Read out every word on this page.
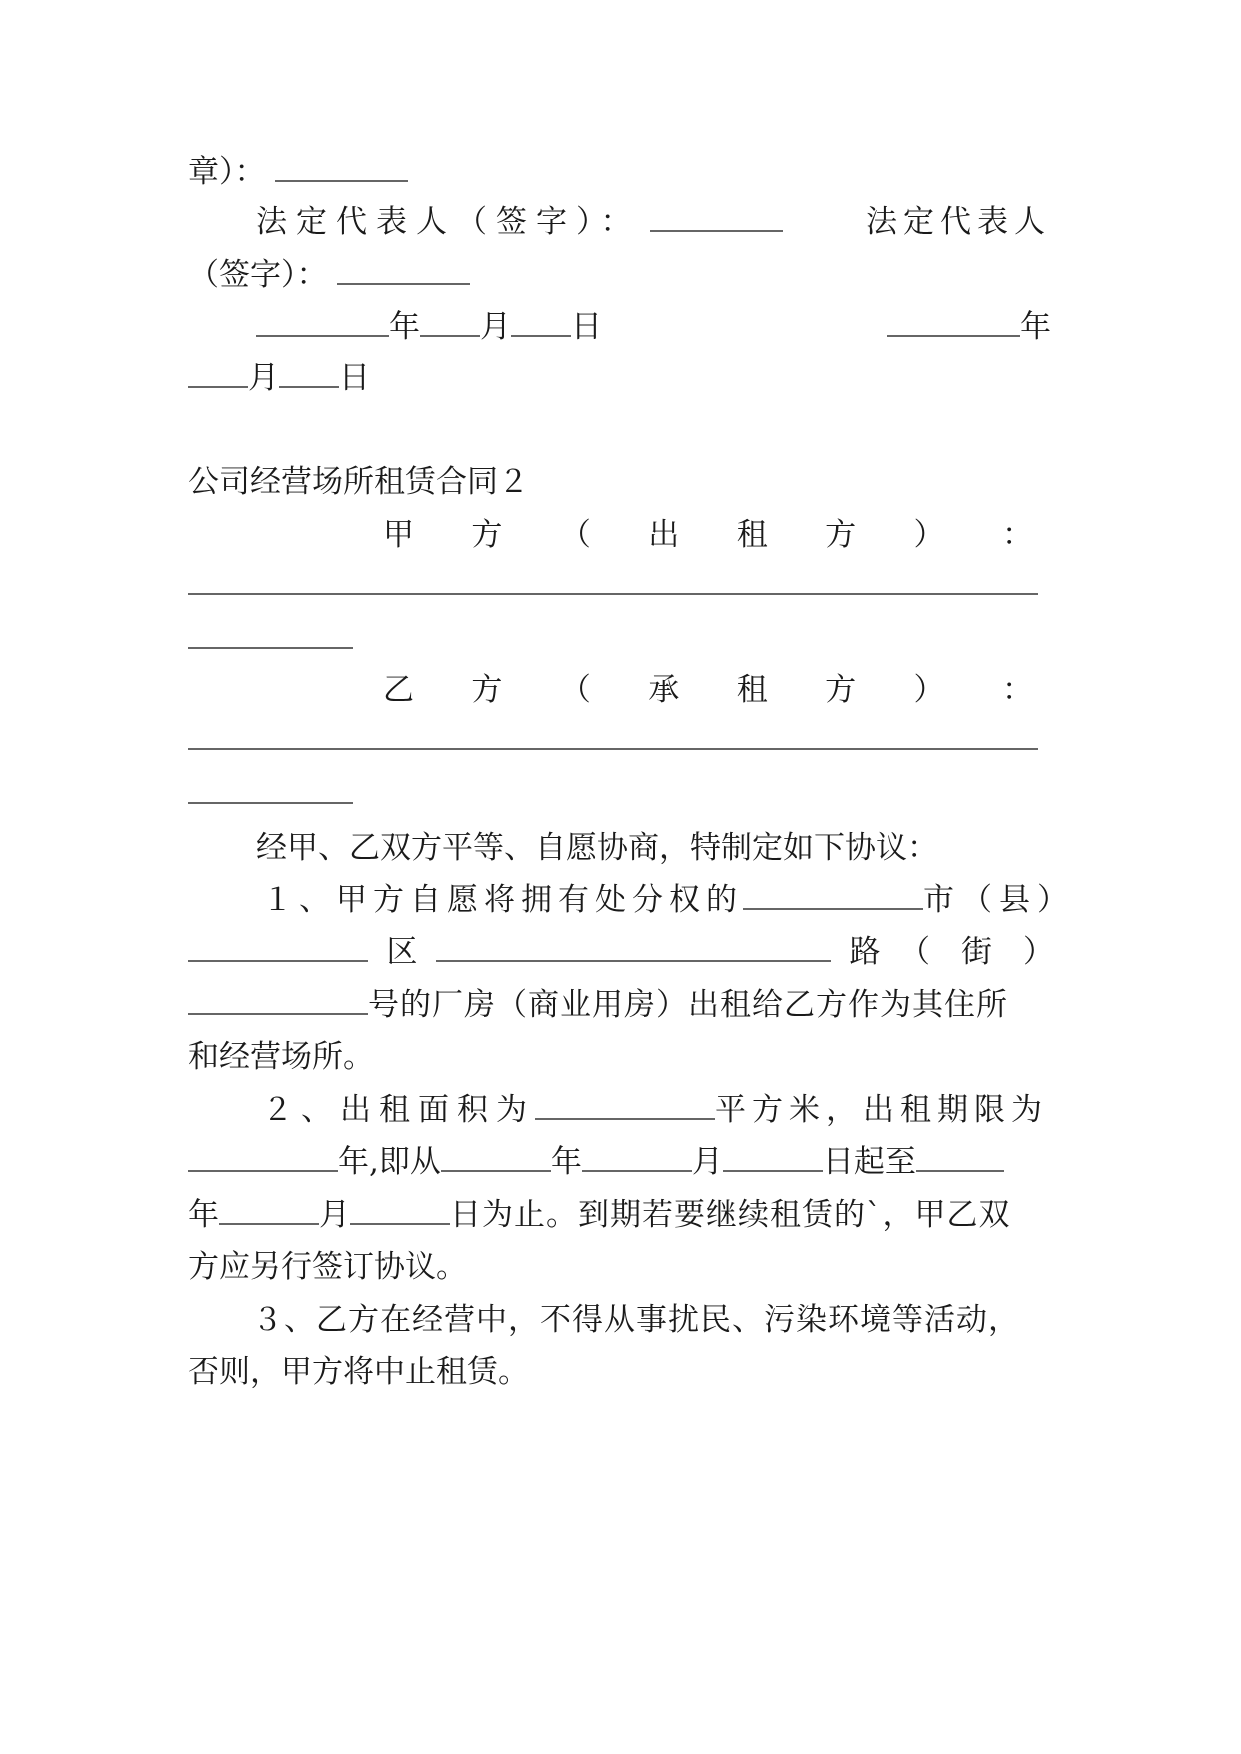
章）：
法定代表人（签字）：	法定代表人
（签字）：
年 月 日	年
月 日
公司经营场所租赁合同２
甲 方 （ 出 租 方 ） ：
乙 方 （ 承 租 方 ） ：
经甲、乙双方平等、自愿协商，特制定如下协议：
１、甲方自愿将拥有处分权的	市（县）
区	路 （　街　）
号的厂房（商业用房）出租给乙方作为其住所
和经营场所。
２、出租面积为	平方米，出租期限为
年,即从	年	月	日起至
年	月	日为止。到期若要继续租赁的`，甲乙双
方应另行签订协议。
３、乙方在经营中，不得从事扰民、污染环境等活动，
否则，甲方将中止租赁。
